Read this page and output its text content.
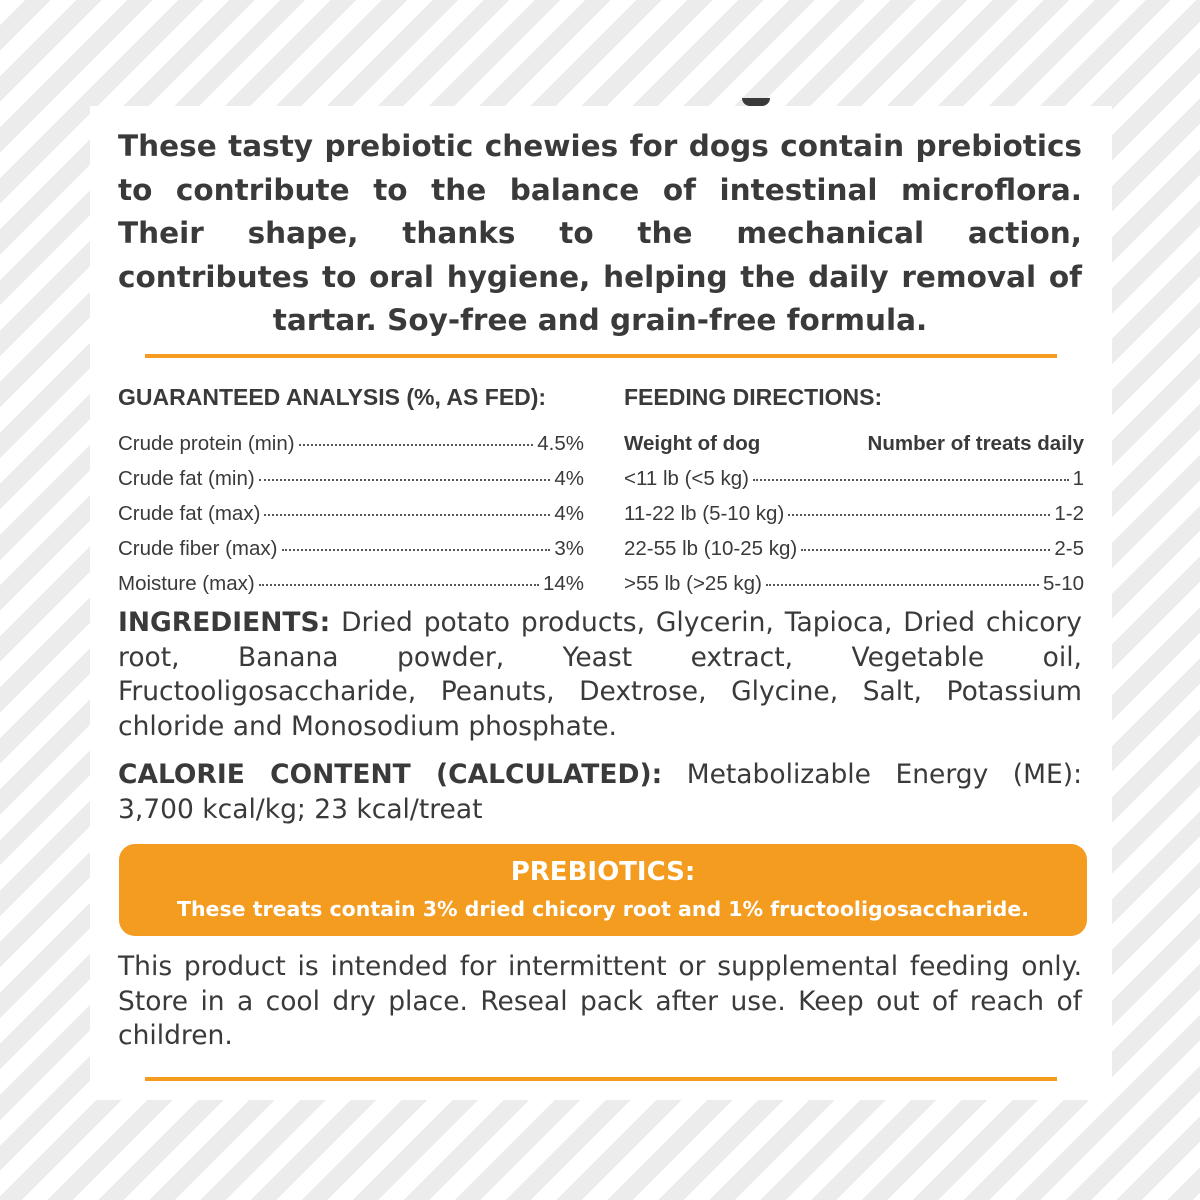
These tasty prebiotic chewies for dogs contain prebiotics to contribute to the balance of intestinal microflora. Their shape, thanks to the mechanical action, contributes to oral hygiene, helping the daily removal of tartar. Soy-free and grain-free formula.

GUARANTEED ANALYSIS (%, AS FED):
Crude protein (min)	4.5%
Crude fat (min)	4%
Crude fat (max)	4%
Crude fiber (max)	3%
Moisture (max)	14%
FEEDING DIRECTIONS:
Weight of dog	Number of treats daily
<11 lb (<5 kg)	1
11-22 lb (5-10 kg)	1-2
22-55 lb (10-25 kg)	2-5
>55 lb (>25 kg)	5-10

INGREDIENTS: Dried potato products, Glycerin, Tapioca, Dried chicory root, Banana powder, Yeast extract, Vegetable oil, Fructooligosaccharide, Peanuts, Dextrose, Glycine, Salt, Potassium chloride and Monosodium phosphate.

CALORIE CONTENT (CALCULATED): Metabolizable Energy (ME): 3,700 kcal/kg; 23 kcal/treat

PREBIOTICS:
These treats contain 3% dried chicory root and 1% fructooligosaccharide.

This product is intended for intermittent or supplemental feeding only. Store in a cool dry place. Reseal pack after use. Keep out of reach of children.
